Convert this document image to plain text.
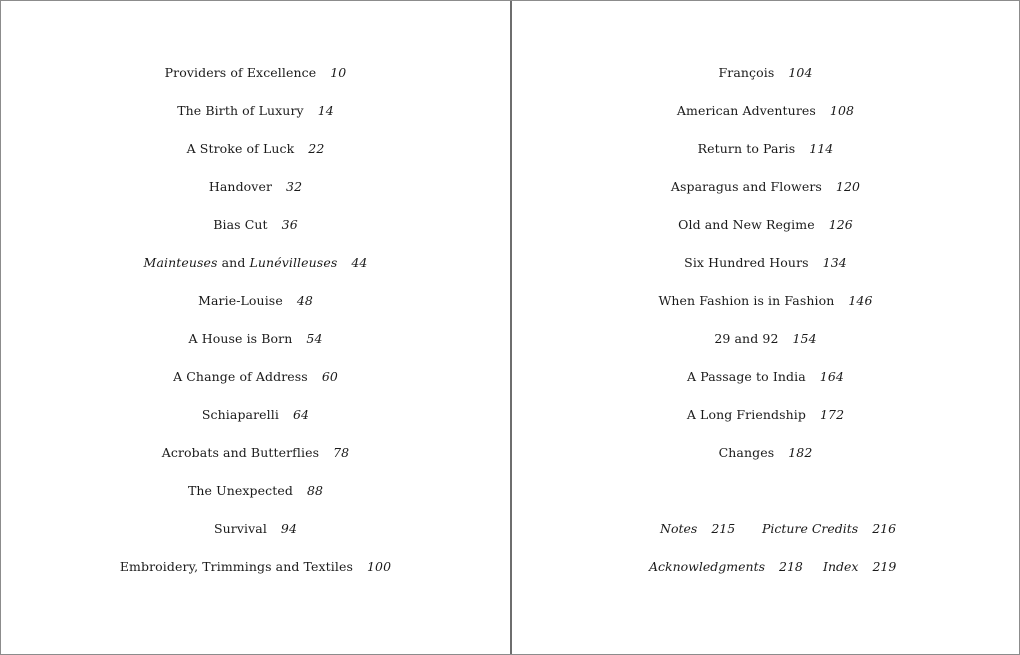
Providers of Excellence 10
The Birth of Luxury 14
A Stroke of Luck 22
Handover 32
Bias Cut 36
Mainteuses and Lunévilleuses 44
Marie-Louise 48
A House is Born 54
A Change of Address 60
Schiaparelli 64
Acrobats and Butterflies 78
The Unexpected 88
Survival 94
Embroidery, Trimmings and Textiles 100
François 104
American Adventures 108
Return to Paris 114
Asparagus and Flowers 120
Old and New Regime 126
Six Hundred Hours 134
When Fashion is in Fashion 146
29 and 92 154
A Passage to India 164
A Long Friendship 172
Changes 182
Notes 215 Picture Credits 216
Acknowledgments 218 Index 219
